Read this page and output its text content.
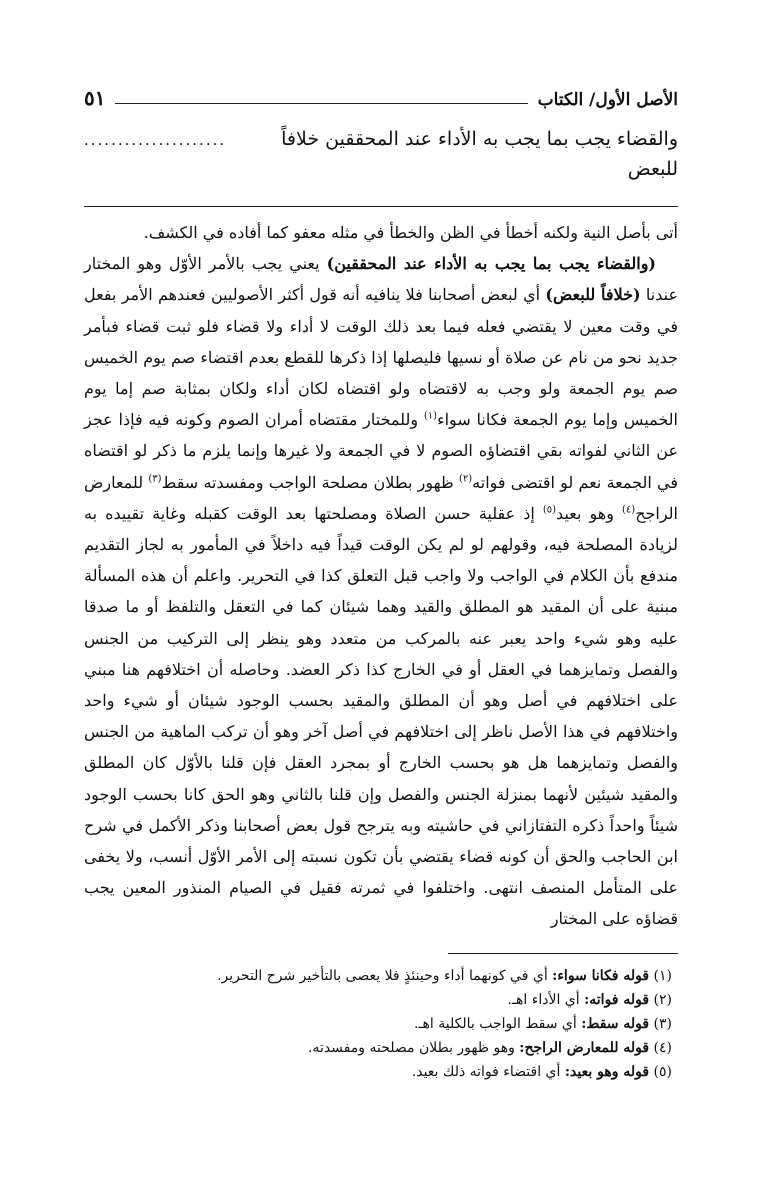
الأصل الأول/ الكتاب
٥١
والقضاء يجب بما يجب به الأداء عند المحققين خلافاً للبعض
.....................

أتى بأصل النية ولكنه أخطأ في الظن والخطأ في مثله معفو كما أفاده في الكشف.

(والقضاء يجب بما يجب به الأداء عند المحققين) يعني يجب بالأمر الأوّل وهو المختار عندنا (خلافاً للبعض) أي لبعض أصحابنا فلا ينافيه أنه قول أكثر الأصوليين فعندهم الأمر بفعل في وقت معين لا يقتضي فعله فيما بعد ذلك الوقت لا أداء ولا قضاء فلو ثبت قضاء فبأمر جديد نحو من نام عن صلاة أو نسيها فليصلها إذا ذكرها للقطع بعدم اقتضاء صم يوم الخميس صم يوم الجمعة ولو وجب به لاقتضاه ولو اقتضاه لكان أداء ولكان بمثابة صم إما يوم الخميس وإما يوم الجمعة فكانا سواء$^{(١)}$ وللمختار مقتضاه أمران الصوم وكونه فيه فإذا عجز عن الثاني لفواته بقي اقتضاؤه الصوم لا في الجمعة ولا غيرها وإنما يلزم ما ذكر لو اقتضاه في الجمعة نعم لو اقتضى فواته$^{(٢)}$ ظهور بطلان مصلحة الواجب ومفسدته سقط$^{(٣)}$ للمعارض الراجح$^{(٤)}$ وهو بعيد$^{(٥)}$ إذ عقلية حسن الصلاة ومصلحتها بعد الوقت كقبله وغاية تقييده به لزيادة المصلحة فيه، وقولهم لو لم يكن الوقت قيداً فيه داخلاً في المأمور به لجاز التقديم مندفع بأن الكلام في الواجب ولا واجب قبل التعلق كذا في التحرير. واعلم أن هذه المسألة مبنية على أن المقيد هو المطلق والقيد وهما شيئان كما في التعقل والتلفظ أو ما صدقا عليه وهو شيء واحد يعبر عنه بالمركب من متعدد وهو ينظر إلى التركيب من الجنس والفصل وتمايزهما في العقل أو في الخارج كذا ذكر العضد. وحاصله أن اختلافهم هنا مبني على اختلافهم في أصل وهو أن المطلق والمقيد بحسب الوجود شيئان أو شيء واحد واختلافهم في هذا الأصل ناظر إلى اختلافهم في أصل آخر وهو أن تركب الماهية من الجنس والفصل وتمايزهما هل هو بحسب الخارج أو بمجرد العقل فإن قلنا بالأوّل كان المطلق والمقيد شيئين لأنهما بمنزلة الجنس والفصل وإن قلنا بالثاني وهو الحق كانا بحسب الوجود شيئاً واحداً ذكره التفتازاني في حاشيته وبه يترجح قول بعض أصحابنا وذكر الأكمل في شرح ابن الحاجب والحق أن كونه قضاء يقتضي بأن تكون نسبته إلى الأمر الأوّل أنسب، ولا يخفى على المتأمل المنصف انتهى. واختلفوا في ثمرته فقيل في الصيام المنذور المعين يجب قضاؤه على المختار

(١) قوله فكانا سواء: أي في كونهما أداء وحينئذٍ فلا يعصى بالتأخير شرح التحرير.
(٢) قوله فواته: أي الأداء اهـ.
(٣) قوله سقط: أي سقط الواجب بالكلية اهـ.
(٤) قوله للمعارض الراجح: وهو ظهور بطلان مصلحته ومفسدته.
(٥) قوله وهو بعيد: أي اقتضاء فواته ذلك بعيد.
